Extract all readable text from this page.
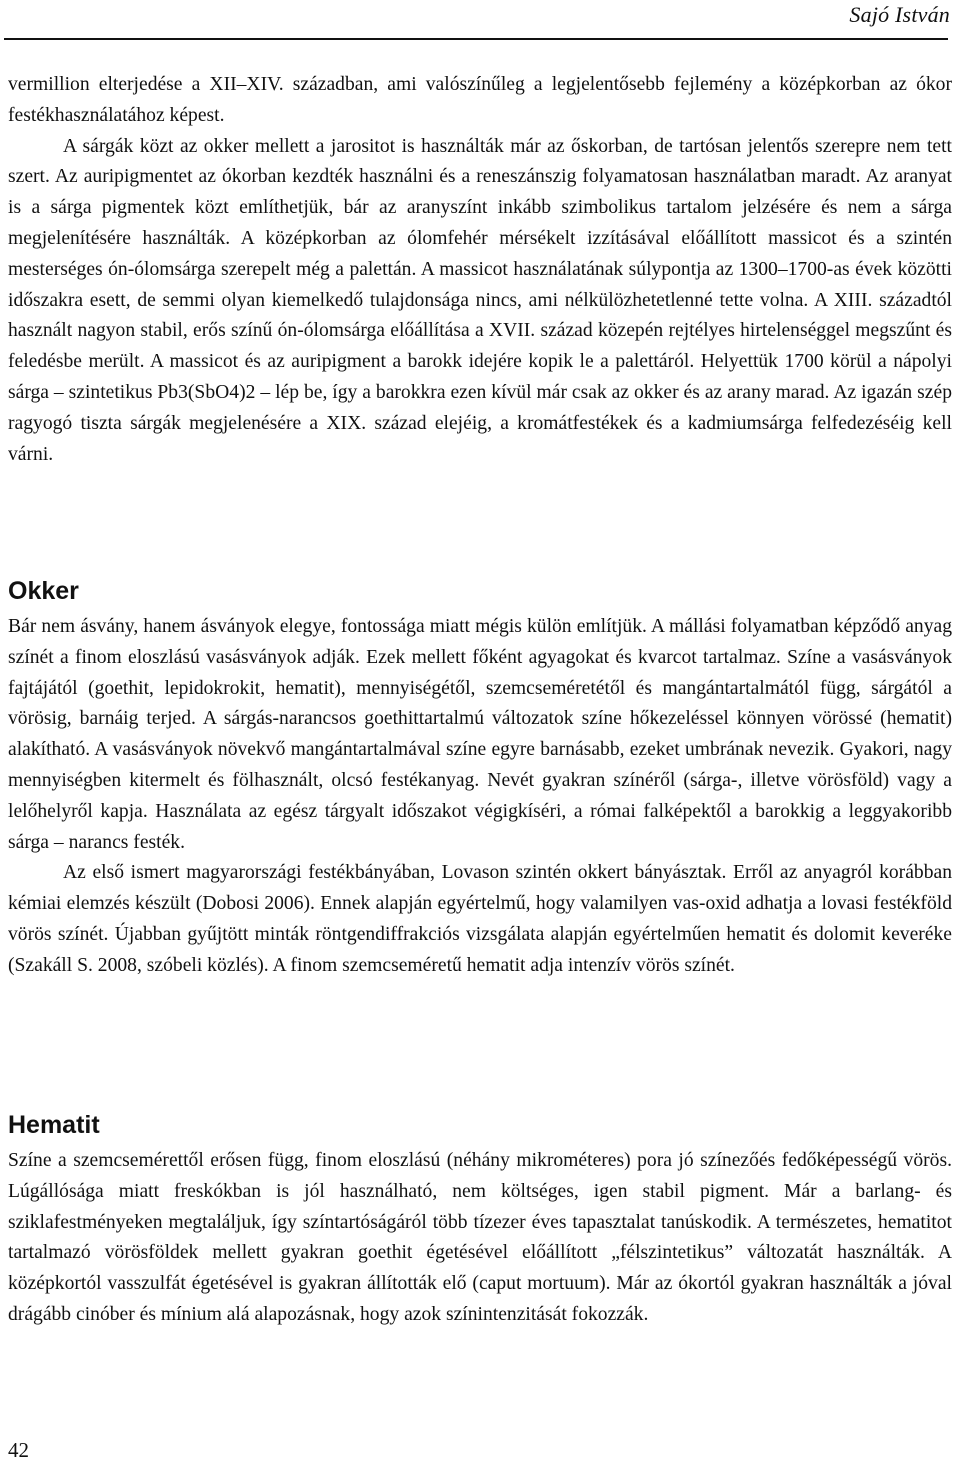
Sajó István

vermillion elterjedése a XII–XIV. században, ami valószínűleg a legjelentősebb fejlemény a középkorban az ókor festékhasználatához képest.

A sárgák közt az okker mellett a jarositot is használták már az őskorban, de tartósan jelentős szerepre nem tett szert. Az auripigmentet az ókorban kezdték használni és a reneszánszig folyamatosan használatban maradt. Az aranyat is a sárga pigmentek közt említhetjük, bár az aranyszínt inkább szimbolikus tartalom jelzésére és nem a sárga megjelenítésére használták. A középkorban az ólomfehér mérsékelt izzításával előállított massicot és a szintén mesterséges ón-ólomsárga szerepelt még a palettán. A massicot használatának súlypontja az 1300–1700-as évek közötti időszakra esett, de semmi olyan kiemelkedő tulajdonsága nincs, ami nélkülözhetetlenné tette volna. A XIII. századtól használt nagyon stabil, erős színű ón-ólomsárga előállítása a XVII. század közepén rejtélyes hirtelenséggel megszűnt és feledésbe merült. A massicot és az auripigment a barokk idejére kopik le a palettáról. Helyettük 1700 körül a nápolyi sárga – szintetikus Pb3(SbO4)2 – lép be, így a barokkra ezen kívül már csak az okker és az arany marad. Az igazán szép ragyogó tiszta sárgák megjelenésére a XIX. század elejéig, a kromátfestékek és a kadmiumsárga felfedezéséig kell várni.

Okker

Bár nem ásvány, hanem ásványok elegye, fontossága miatt mégis külön említjük. A mállási folyamatban képződő anyag színét a finom eloszlású vasásványok adják. Ezek mellett főként agyagokat és kvarcot tartalmaz. Színe a vasásványok fajtájától (goethit, lepidokrokit, hematit), mennyiségétől, szemcseméretétől és mangántartalmától függ, sárgától a vörösig, barnáig terjed. A sárgás-narancsos goethittartalmú változatok színe hőkezeléssel könnyen vörössé (hematit) alakítható. A vasásványok növekvő mangántartalmával színe egyre barnásabb, ezeket umbrának nevezik. Gyakori, nagy mennyiségben kitermelt és fölhasznált, olcsó festékanyag. Nevét gyakran színéről (sárga-, illetve vörösföld) vagy a lelőhelyről kapja. Használata az egész tárgyalt időszakot végigkíséri, a római falképektől a barokkig a leggyakoribb sárga – narancs festék.

Az első ismert magyarországi festékbányában, Lovason szintén okkert bányásztak. Erről az anyagról korábban kémiai elemzés készült (Dobosi 2006). Ennek alapján egyértelmű, hogy valamilyen vas-oxid adhatja a lovasi festékföld vörös színét. Újabban gyűjtött minták röntgendiffrakciós vizsgálata alapján egyértelműen hematit és dolomit keveréke (Szakáll S. 2008, szóbeli közlés). A finom szemcseméretű hematit adja intenzív vörös színét.

Hematit

Színe a szemcsemérettől erősen függ, finom eloszlású (néhány mikrométeres) pora jó színezőés fedőképességű vörös. Lúgállósága miatt freskókban is jól használható, nem költséges, igen stabil pigment. Már a barlang- és sziklafestményeken megtaláljuk, így színtartóságáról több tízezer éves tapasztalat tanúskodik. A természetes, hematitot tartalmazó vörösföldek mellett gyakran goethit égetésével előállított „félszintetikus” változatát használták. A középkortól vasszulfát égetésével is gyakran állították elő (caput mortuum). Már az ókortól gyakran használták a jóval drágább cinóber és mínium alá alapozásnak, hogy azok színintenzitását fokozzák.

42
